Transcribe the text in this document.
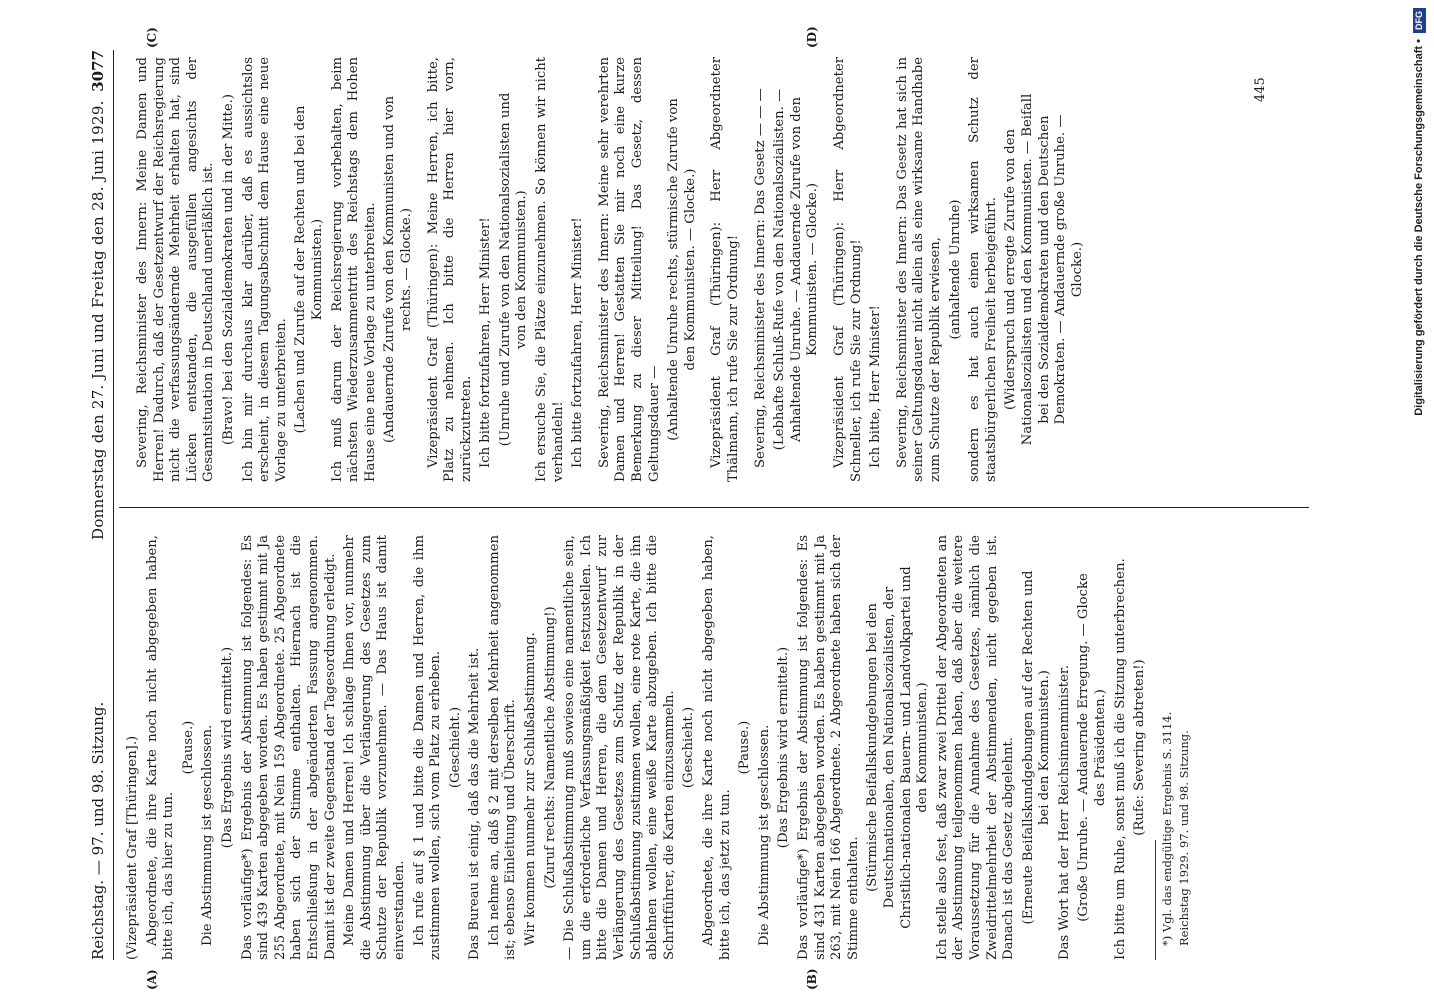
Reichstag. — 97. und 98. Sitzung.
Donnerstag den 27. Juni und Freitag den 28. Juni 1929.
3077
(A)	(B)
(C)	(D)

(Vizepräsident Graf [Thüringen].) Abgeordnete, die ihre Karte noch nicht abgegeben haben, bitte ich, das hier zu tun.

(Pause.) Die Abstimmung ist geschlossen. (Das Ergebnis wird ermittelt.) Das vorläufige*) Ergebnis der Abstimmung ist folgendes: Es sind 439 Karten abgegeben worden. Es haben gestimmt mit Ja 255 Abgeordnete, mit Nein 159 Abgeordnete. 25 Abgeordnete haben sich der Stimme enthalten. Hiernach ist die Entschließung in der abgeänderten Fassung angenommen. Damit ist der zweite Gegenstand der Tagesordnung erledigt. Meine Damen und Herren! Ich schlage Ihnen vor, nunmehr die Abstimmung über die Verlängerung des Gesetzes zum Schutze der Republik vorzunehmen. — Das Haus ist damit einverstanden. Ich rufe auf § 1 und bitte die Damen und Herren, die ihm zustimmen wollen, sich vom Platz zu erheben. (Geschieht.) Das Bureau ist einig, daß das die Mehrheit ist. Ich nehme an, daß § 2 mit derselben Mehrheit angenommen ist; ebenso Einleitung und Überschrift. Wir kommen nunmehr zur Schlußabstimmung. (Zuruf rechts: Namentliche Abstimmung!) — Die Schlußabstimmung muß sowieso eine namentliche sein, um die erforderliche Verfassungsmäßigkeit festzustellen. Ich bitte die Damen und Herren, die dem Gesetzentwurf zur Verlängerung des Gesetzes zum Schutz der Republik in der Schlußabstimmung zustimmen wollen, eine rote Karte, die ihn ablehnen wollen, eine weiße Karte abzugeben. Ich bitte die Schriftführer, die Karten einzusammeln. (Geschieht.) Abgeordnete, die ihre Karte noch nicht abgegeben haben, bitte ich, das jetzt zu tun.

(Pause.) Die Abstimmung ist geschlossen. (Das Ergebnis wird ermittelt.) Das vorläufige*) Ergebnis der Abstimmung ist folgendes: Es sind 431 Karten abgegeben worden. Es haben gestimmt mit Ja 263, mit Nein 166 Abgeordnete. 2 Abgeordnete haben sich der Stimme enthalten.

(Stürmische Beifallskundgebungen bei den Deutschnationalen, den Nationalsozialisten, der Christlich-nationalen Bauern- und Landvolkpartei und den Kommunisten.) Ich stelle also fest, daß zwar zwei Drittel der Abgeordneten an der Abstimmung teilgenommen haben, daß aber die weitere Voraussetzung für die Annahme des Gesetzes, nämlich die Zweidrittelmehrheit der Abstimmenden, nicht gegeben ist. Danach ist das Gesetz abgelehnt. (Erneute Beifallskundgebungen auf der Rechten und bei den Kommunisten.) Das Wort hat der Herr Reichsinnenminister. (Große Unruhe. — Andauernde Erregung. — Glocke des Präsidenten.) Ich bitte um Ruhe, sonst muß ich die Sitzung unterbrechen. (Rufe: Severing abtreten!) *) Vgl. das endgültige Ergebnis S. 3114. Reichstag 1929. 97. und 98. Sitzung.

Severing, Reichsminister des Innern: Meine Damen und Herren! Dadurch, daß der Gesetzentwurf der Reichsregierung nicht die verfassungsändernde Mehrheit erhalten hat, sind Lücken entstanden, die ausgefüllen angesichts der Gesamtsituation in Deutschland unerläßlich ist. (Bravo! bei den Sozialdemokraten und in der Mitte.) Ich bin mir durchaus klar darüber, daß es aussichtslos erscheint, in diesem Tagungsabschnitt dem Hause eine neue Vorlage zu unterbreiten. (Lachen und Zurufe auf der Rechten und bei den Kommunisten.) Ich muß darum der Reichsregierung vorbehalten, beim nächsten Wiederzusammentritt des Reichstags dem Hohen Hause eine neue Vorlage zu unterbreiten. (Andauernde Zurufe von den Kommunisten und von rechts. — Glocke.) Vizepräsident Graf (Thüringen): Meine Herren, ich bitte, Platz zu nehmen. Ich bitte die Herren hier vorn, zurückzutreten. Ich bitte fortzufahren, Herr Minister! (Unruhe und Zurufe von den Nationalsozialisten und von den Kommunisten.) Ich ersuche Sie, die Plätze einzunehmen. So können wir nicht verhandeln! Ich bitte fortzufahren, Herr Minister! Severing, Reichsminister des Innern: Meine sehr verehrten Damen und Herren! Gestatten Sie mir noch eine kurze Bemerkung zu dieser Mitteilung! Das Gesetz, dessen Geltungsdauer — (Anhaltende Unruhe rechts, stürmische Zurufe von den Kommunisten. — Glocke.) Vizepräsident Graf (Thüringen): Herr Abgeordneter Thälmann, ich rufe Sie zur Ordnung! Severing, Reichsminister des Innern: Das Gesetz — — — (Lebhafte Schluß-Rufe von den Nationalsozialisten. — Anhaltende Unruhe. — Andauernde Zurufe von den Kommunisten. — Glocke.) Vizepräsident Graf (Thüringen): Herr Abgeordneter Schneller, ich rufe Sie zur Ordnung! Ich bitte, Herr Minister! Severing, Reichsminister des Innern: Das Gesetz hat sich in seiner Geltungsdauer nicht allein als eine wirksame Handhabe zum Schutze der Republik erwiesen, (anhaltende Unruhe) sondern es hat auch einen wirksamen Schutz der staatsbürgerlichen Freiheit herbeigeführt. (Widerspruch und erregte Zurufe von den Nationalsozialisten und den Kommunisten. — Beifall bei den Sozialdemokraten und den Deutschen Demokraten. — Andauernde große Unruhe. — Glocke.)

445	Digitalisierung gefördert durch die Deutsche Forschungsgemeinschaft • DFG
